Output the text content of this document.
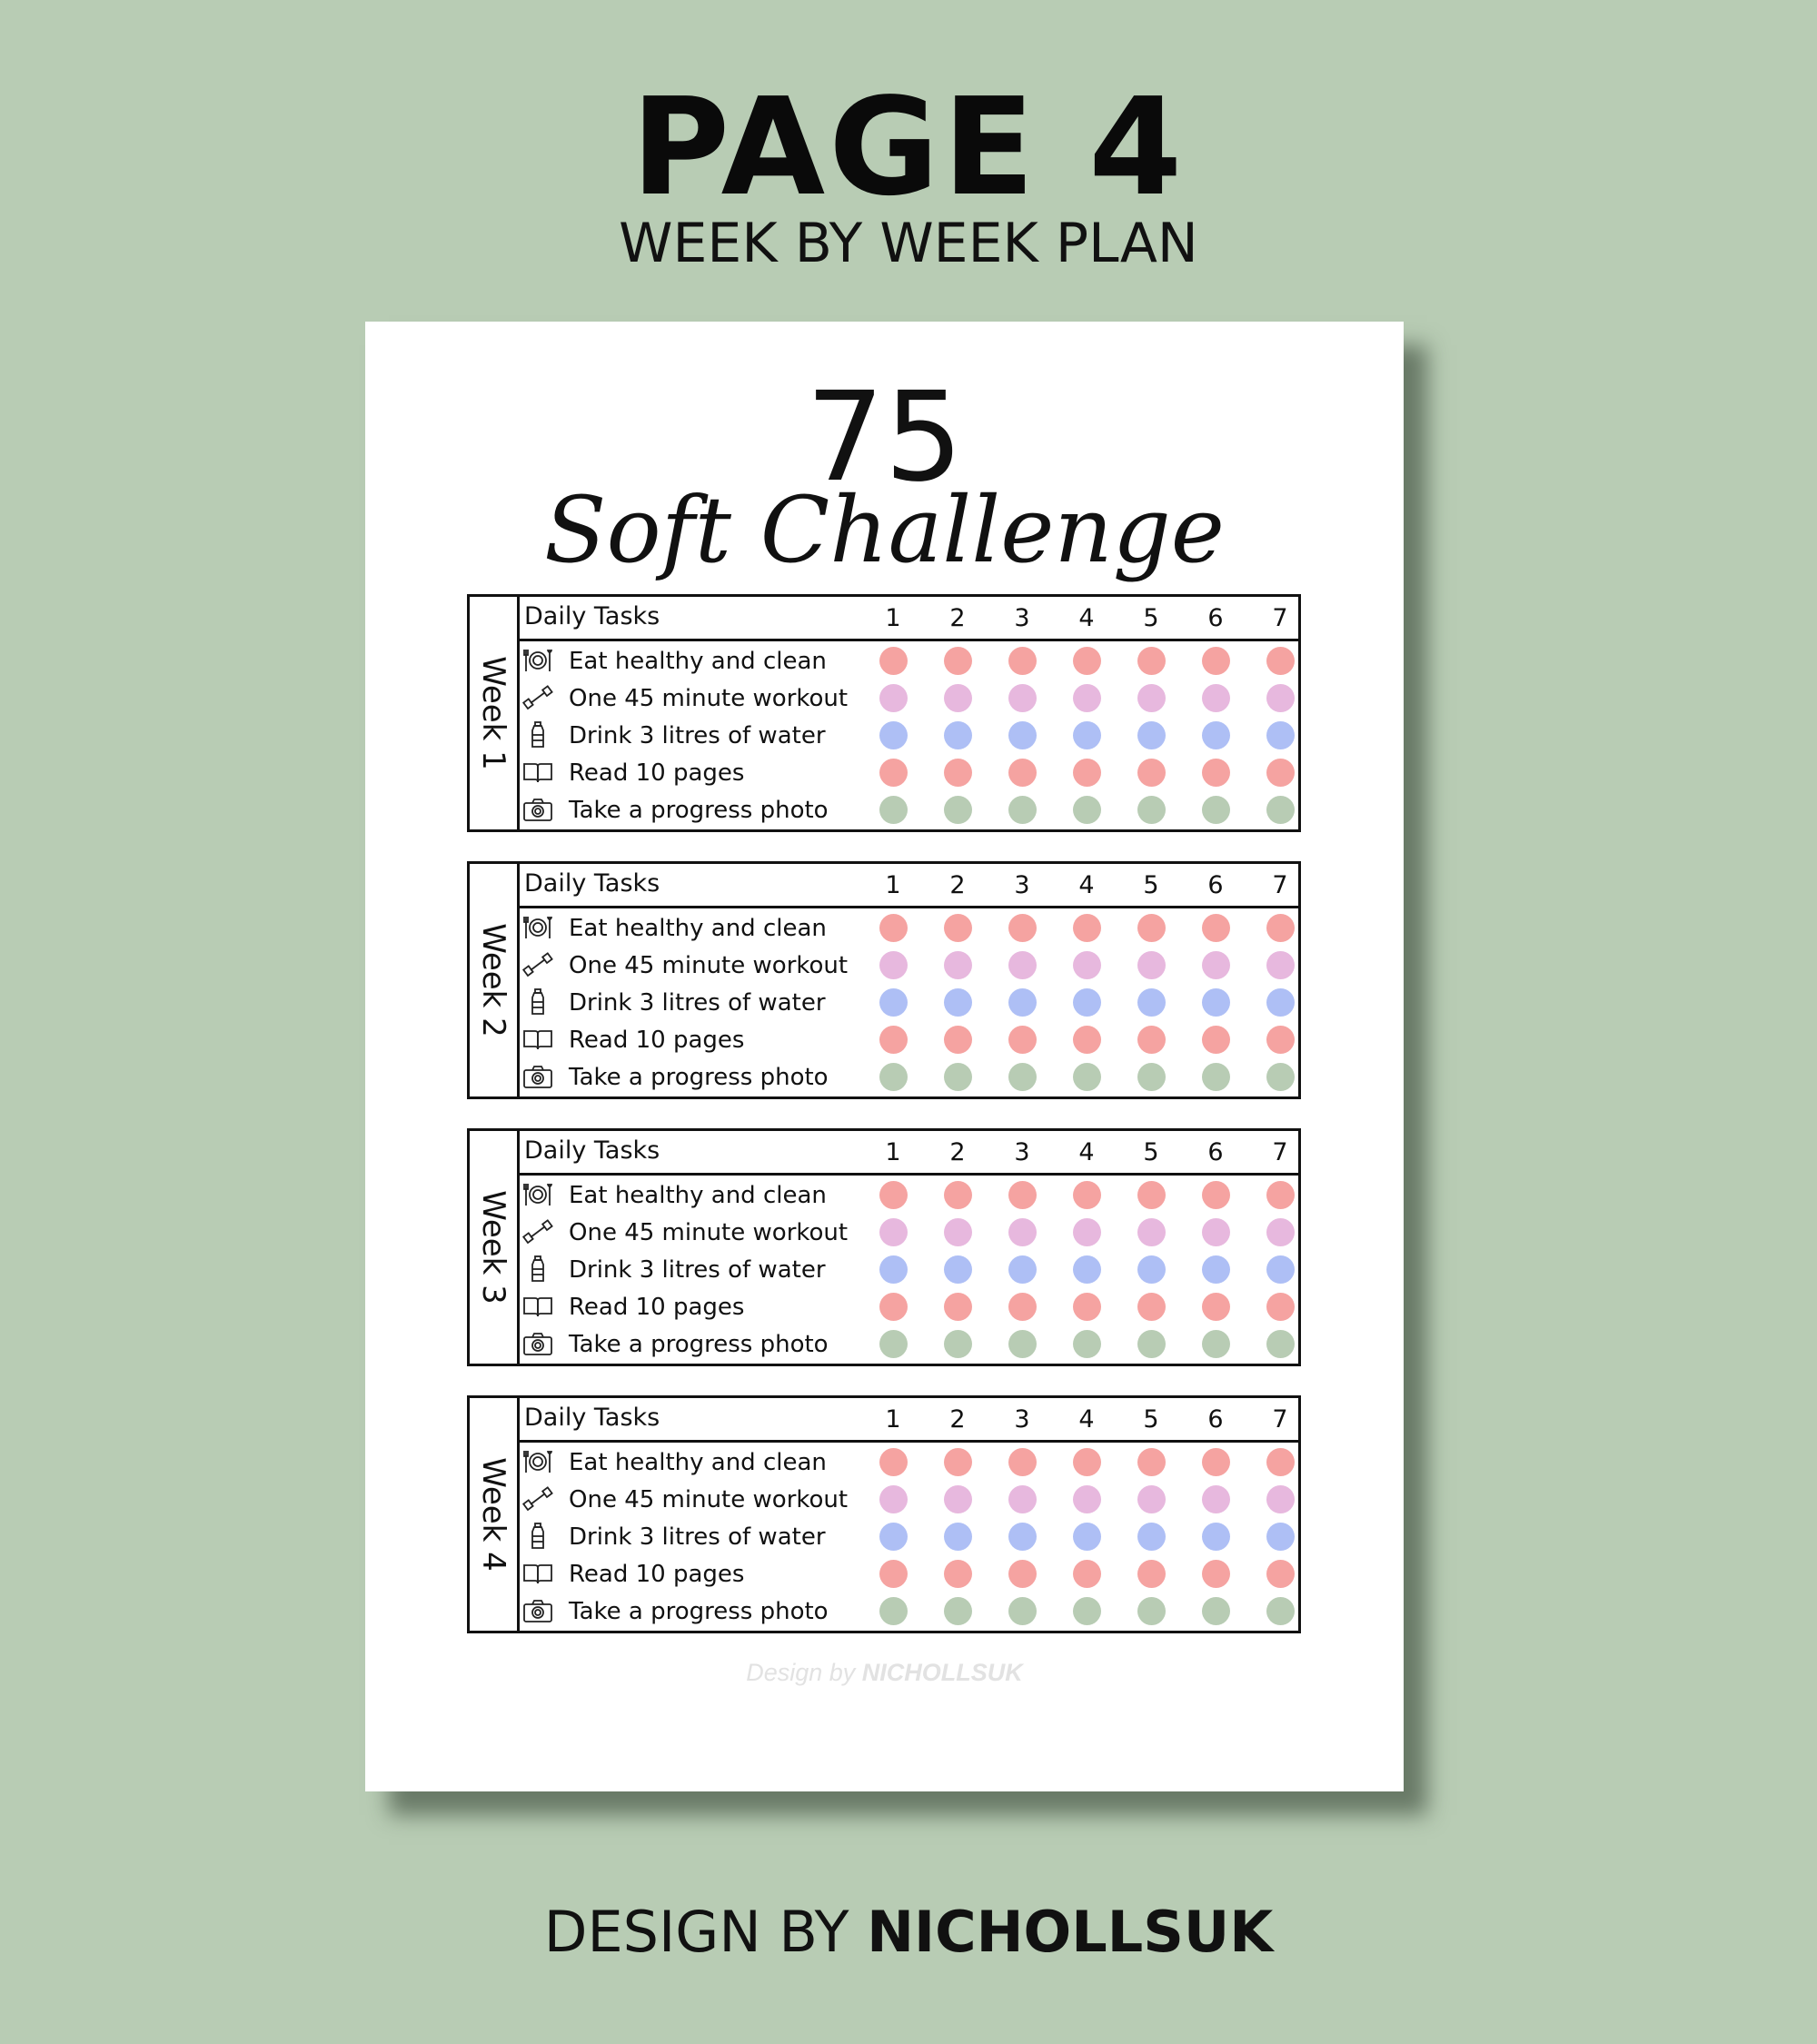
PAGE 4
WEEK BY WEEK PLAN
75
Soft Challenge
Design by NICHOLLSUK
Week 1
Daily Tasks	1	2	3	4	5	6	7
Eat healthy and clean
One 45 minute workout
Drink 3 litres of water
Read 10 pages
Take a progress photo
Week 2
Daily Tasks	1	2	3	4	5	6	7
Eat healthy and clean
One 45 minute workout
Drink 3 litres of water
Read 10 pages
Take a progress photo
Week 3
Daily Tasks	1	2	3	4	5	6	7
Eat healthy and clean
One 45 minute workout
Drink 3 litres of water
Read 10 pages
Take a progress photo
Week 4
Daily Tasks	1	2	3	4	5	6	7
Eat healthy and clean
One 45 minute workout
Drink 3 litres of water
Read 10 pages
Take a progress photo
DESIGN BY NICHOLLSUK
